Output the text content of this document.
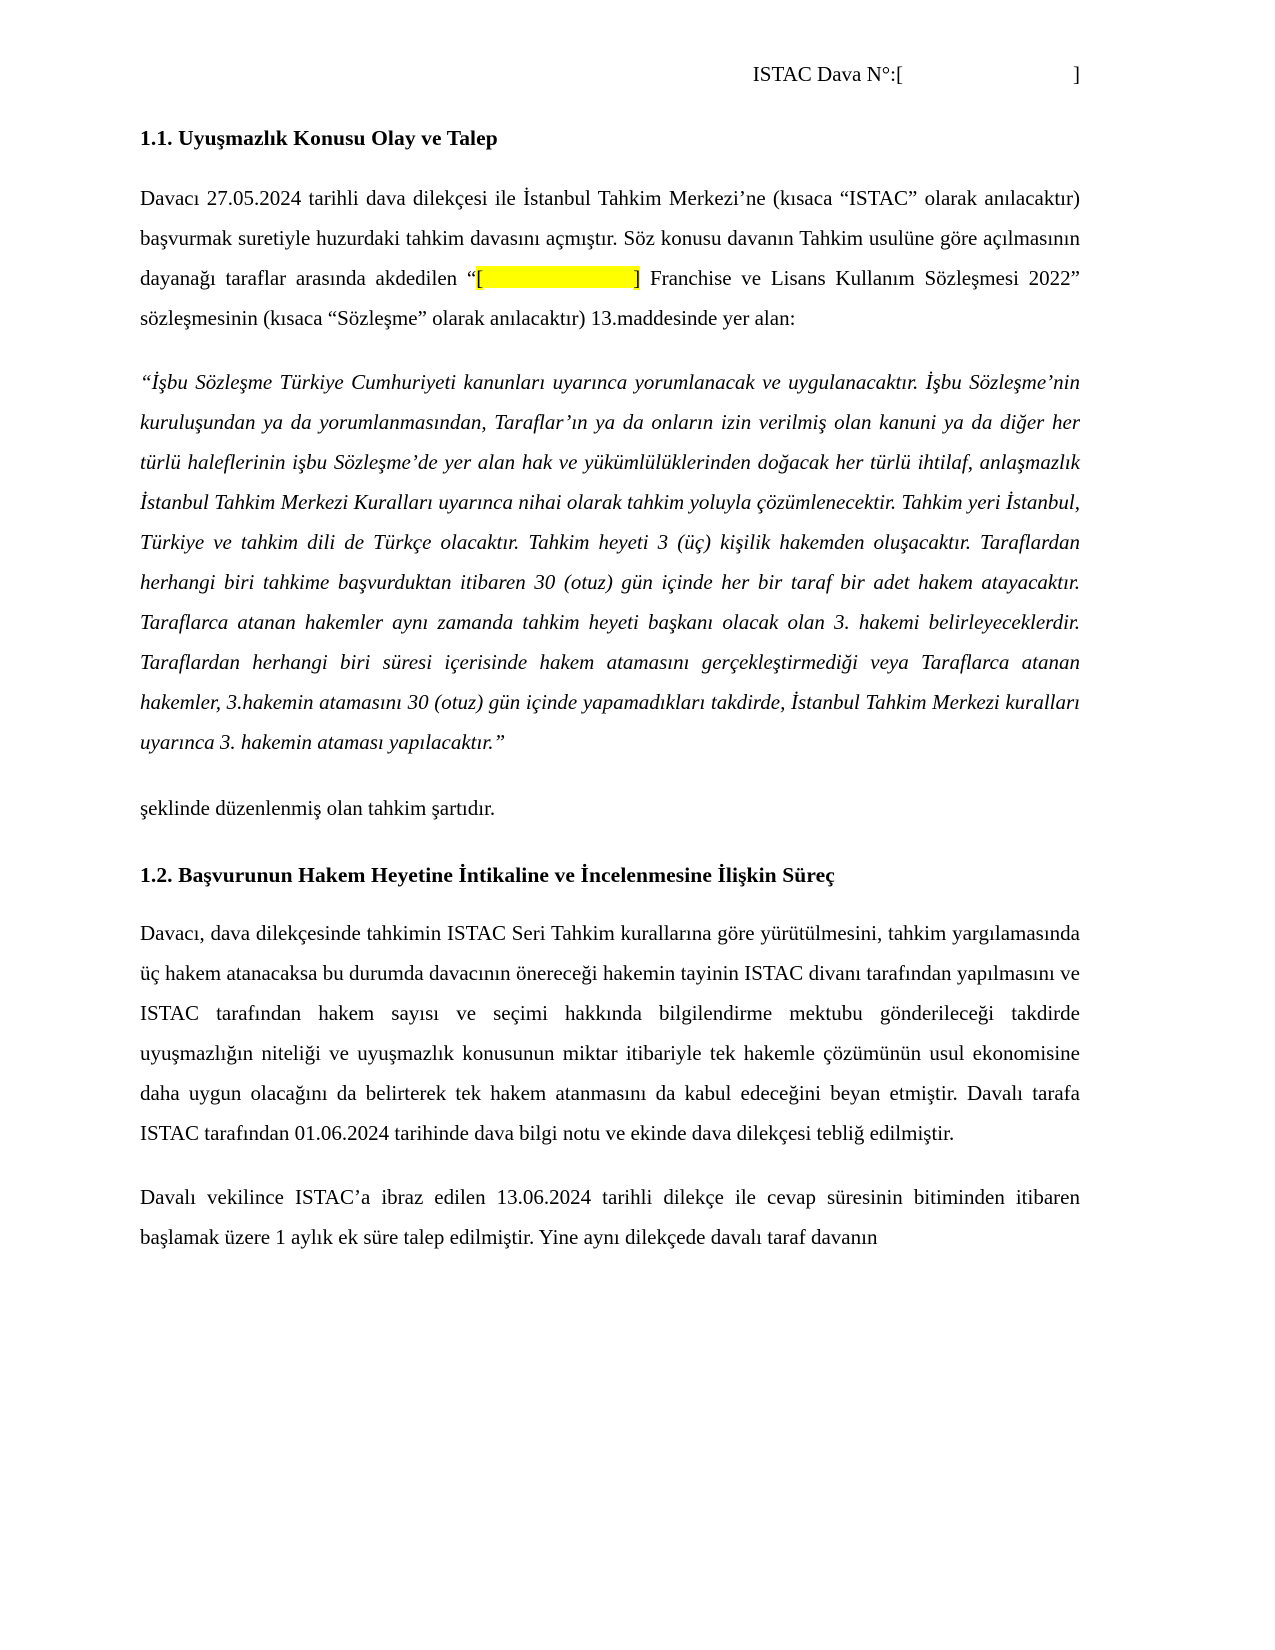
ISTAC Dava N°:[	]
1.1. Uyuşmazlık Konusu Olay ve Talep

Davacı 27.05.2024 tarihli dava dilekçesi ile İstanbul Tahkim Merkezi’ne (kısaca “ISTAC” olarak anılacaktır) başvurmak suretiyle huzurdaki tahkim davasını açmıştır. Söz konusu davanın Tahkim usulüne göre açılmasının dayanağı taraflar arasında akdedilen “[	] Franchise ve Lisans Kullanım Sözleşmesi 2022” sözleşmesinin (kısaca “Sözleşme” olarak anılacaktır) 13.maddesinde yer alan:

“İşbu Sözleşme Türkiye Cumhuriyeti kanunları uyarınca yorumlanacak ve uygulanacaktır. İşbu Sözleşme’nin kuruluşundan ya da yorumlanmasından, Taraflar’ın ya da onların izin verilmiş olan kanuni ya da diğer her türlü haleflerinin işbu Sözleşme’de yer alan hak ve yükümlülüklerinden doğacak her türlü ihtilaf, anlaşmazlık İstanbul Tahkim Merkezi Kuralları uyarınca nihai olarak tahkim yoluyla çözümlenecektir. Tahkim yeri İstanbul, Türkiye ve tahkim dili de Türkçe olacaktır. Tahkim heyeti 3 (üç) kişilik hakemden oluşacaktır. Taraflardan herhangi biri tahkime başvurduktan itibaren 30 (otuz) gün içinde her bir taraf bir adet hakem atayacaktır. Taraflarca atanan hakemler aynı zamanda tahkim heyeti başkanı olacak olan 3. hakemi belirleyeceklerdir. Taraflardan herhangi biri süresi içerisinde hakem atamasını gerçekleştirmediği veya Taraflarca atanan hakemler, 3.hakemin atamasını 30 (otuz) gün içinde yapamadıkları takdirde, İstanbul Tahkim Merkezi kuralları uyarınca 3. hakemin ataması yapılacaktır.”

şeklinde düzenlenmiş olan tahkim şartıdır.

1.2. Başvurunun Hakem Heyetine İntikaline ve İncelenmesine İlişkin Süreç

Davacı, dava dilekçesinde tahkimin ISTAC Seri Tahkim kurallarına göre yürütülmesini, tahkim yargılamasında üç hakem atanacaksa bu durumda davacının önereceği hakemin tayinin ISTAC divanı tarafından yapılmasını ve ISTAC tarafından hakem sayısı ve seçimi hakkında bilgilendirme mektubu gönderileceği takdirde uyuşmazlığın niteliği ve uyuşmazlık konusunun miktar itibariyle tek hakemle çözümünün usul ekonomisine daha uygun olacağını da belirterek tek hakem atanmasını da kabul edeceğini beyan etmiştir. Davalı tarafa ISTAC tarafından 01.06.2024 tarihinde dava bilgi notu ve ekinde dava dilekçesi tebliğ edilmiştir.

Davalı vekilince ISTAC’a ibraz edilen 13.06.2024 tarihli dilekçe ile cevap süresinin bitiminden itibaren başlamak üzere 1 aylık ek süre talep edilmiştir. Yine aynı dilekçede davalı taraf davanın
